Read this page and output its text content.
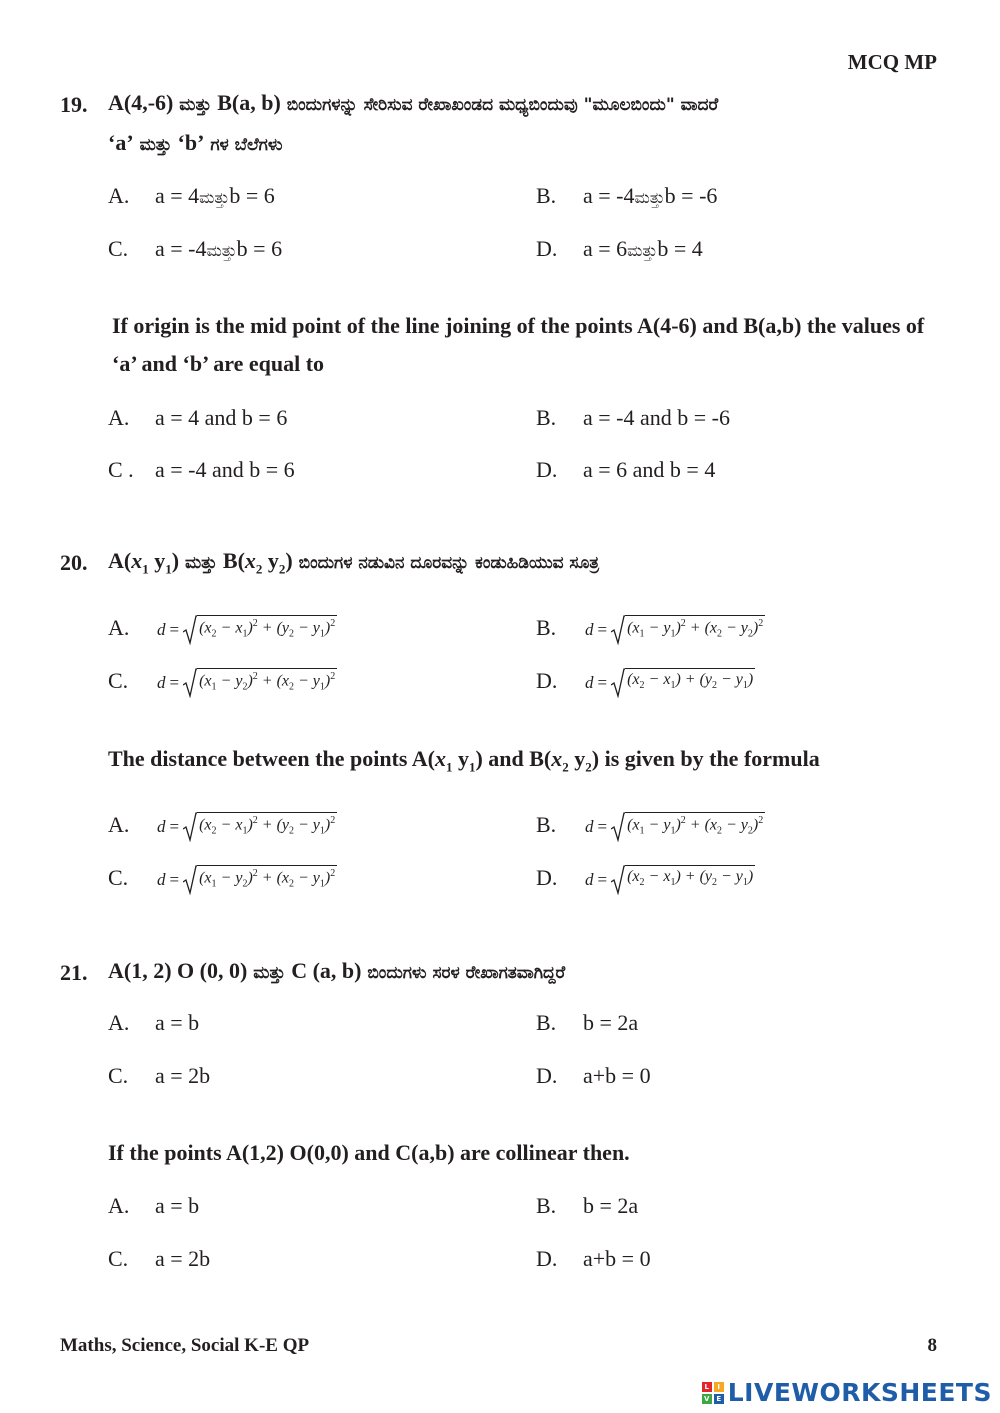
MCQ MP
19. A(4,-6) ಮತ್ತು B(a, b) ಬಿಂದುಗಳನ್ನು ಸೇರಿಸುವ ರೇಖಾಖಂಡದ ಮಧ್ಯಬಿಂದುವು "ಮೂಲಬಿಂದು" ವಾದರೆ
‘a’ ಮತ್ತು ‘b’ ಗಳ ಬೆಲೆಗಳು
A.	a = 4 ಮತ್ತು b = 6	B.	a = -4 ಮತ್ತು b = -6
C.	a = -4 ಮತ್ತು b = 6	D.	a = 6 ಮತ್ತು b = 4
If origin is the mid point of the line joining of the points A(4-6) and B(a,b) the values of ‘a’ and ‘b’ are equal to
A.	a = 4 and b = 6	B.	a = -4 and b = -6
C . a = -4 and b = 6	D.	a = 6 and b = 4
20. $A(x_1$ $y_1$) ಮತ್ತು $B(x_2$ $y_2$) ಬಿಂದುಗಳ ನಡುವಿನ ದೂರವನ್ನು ಕಂಡುಹಿಡಿಯುವ ಸೂತ್ರ
A.	$d = (x_2 - x_1)^2 + (y_2 - y_1)^2$	B.	$d = (x_1 - y_1)^2 + (x_2 - y_2)^2$
C.	$d = (x_1 - y_2)^2 + (x_2 - y_1)^2$	D.	$d = (x_2 - x_1) + (y_2 - y_1)$
The distance between the points $A(x_1$ $y_1$) and $B(x_2$ $y_2$) is given by the formula
A.	$d = (x_2 - x_1)^2 + (y_2 - y_1)^2$	B.	$d = (x_1 - y_1)^2 + (x_2 - y_2)^2$
C.	$d = (x_1 - y_2)^2 + (x_2 - y_1)^2$	D.	$d = (x_2 - x_1) + (y_2 - y_1)$
21. A(1, 2) O (0, 0) ಮತ್ತು C (a, b) ಬಿಂದುಗಳು ಸರಳ ರೇಖಾಗತವಾಗಿದ್ದರೆ
A.	a = b	B.	b = 2a
C.	a = 2b	D.	a+b = 0
If the points A(1,2) O(0,0) and C(a,b) are collinear then.
A.	a = b	B.	b = 2a
C.	a = 2b	D.	a+b = 0
Maths, Science, Social K-E QP	8
L	I
V E LIVEWORKSHEETS
